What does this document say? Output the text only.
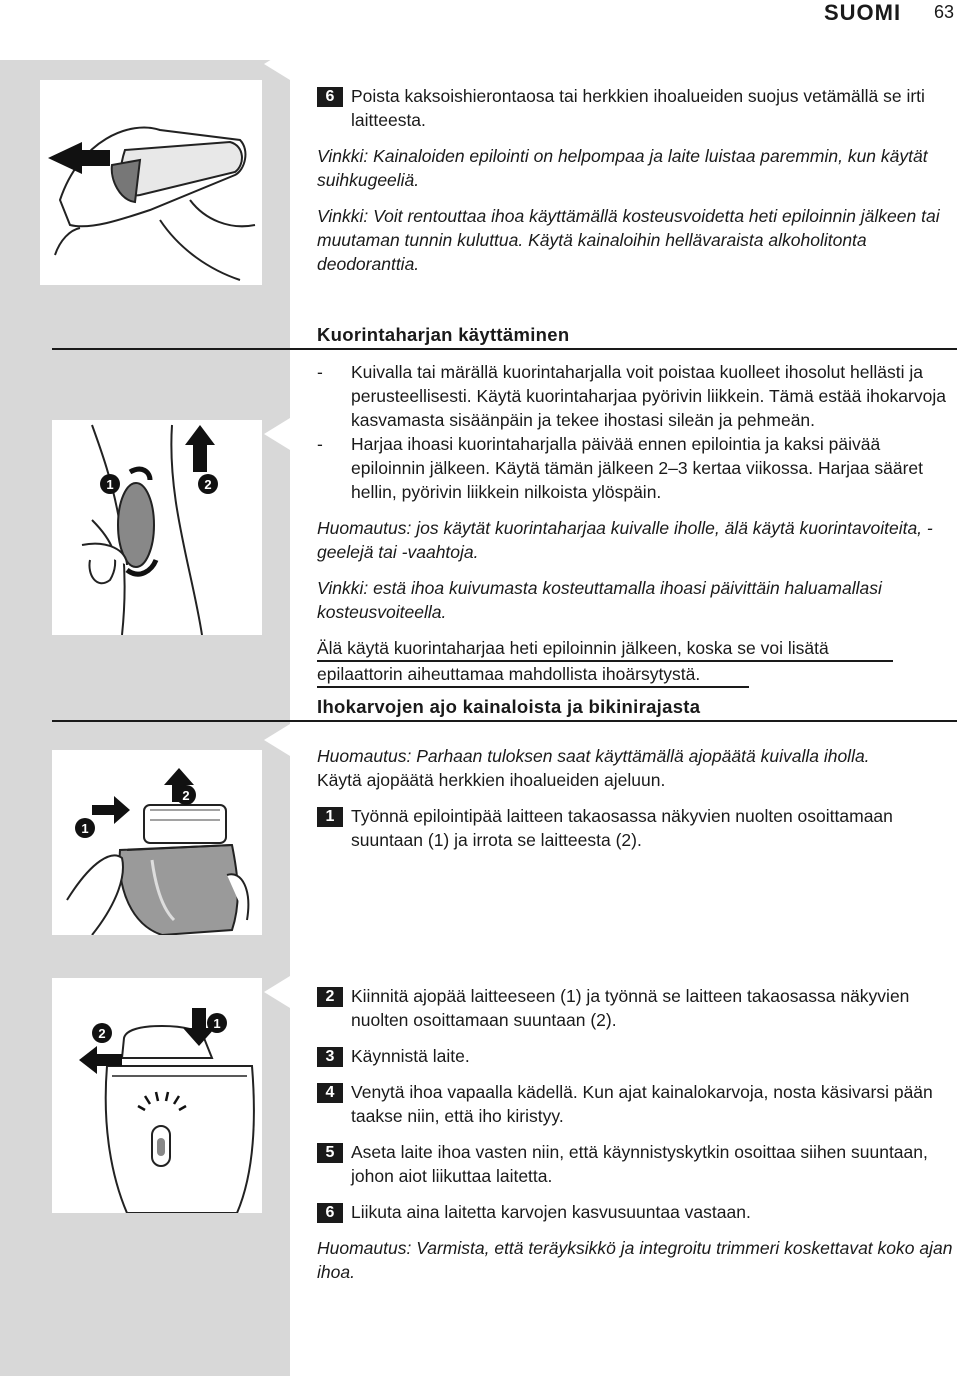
SUOMI 63
1	2
2
1
2
1
6 Poista kaksoishierontaosa tai herkkien ihoalueiden suojus vetämällä se irti laitteesta.
Vinkki: Kainaloiden epilointi on helpompaa ja laite luistaa paremmin, kun käytät suihkugeeliä.
Vinkki: Voit rentouttaa ihoa käyttämällä kosteusvoidetta heti epiloinnin jälkeen tai muutaman tunnin kuluttua. Käytä kainaloihin hellävaraista alkoholitonta deodoranttia.
Kuorintaharjan käyttäminen
- Kuivalla tai märällä kuorintaharjalla voit poistaa kuolleet ihosolut hellästi ja perusteellisesti. Käytä kuorintaharjaa pyörivin liikkein. Tämä estää ihokarvoja kasvamasta sisäänpäin ja tekee ihostasi sileän ja pehmeän.
- Harjaa ihoasi kuorintaharjalla päivää ennen epilointia ja kaksi päivää epiloinnin jälkeen. Käytä tämän jälkeen 2–3 kertaa viikossa. Harjaa sääret hellin, pyörivin liikkein nilkoista ylöspäin.
Huomautus: jos käytät kuorintaharjaa kuivalle iholle, älä käytä kuorintavoiteita, -geelejä tai -vaahtoja.
Vinkki: estä ihoa kuivumasta kosteuttamalla ihoasi päivittäin haluamallasi kosteusvoiteella.
Älä käytä kuorintaharjaa heti epiloinnin jälkeen, koska se voi lisätä
epilaattorin aiheuttamaa mahdollista ihoärsytystä.
Ihokarvojen ajo kainaloista ja bikinirajasta
Huomautus: Parhaan tuloksen saat käyttämällä ajopäätä kuivalla iholla.
Käytä ajopäätä herkkien ihoalueiden ajeluun.
1 Työnnä epilointipää laitteen takaosassa näkyvien nuolten osoittamaan suuntaan (1) ja irrota se laitteesta (2).
2 Kiinnitä ajopää laitteeseen (1) ja työnnä se laitteen takaosassa näkyvien nuolten osoittamaan suuntaan (2).
3 Käynnistä laite.
4 Venytä ihoa vapaalla kädellä. Kun ajat kainalokarvoja, nosta käsivarsi pään taakse niin, että iho kiristyy.
5 Aseta laite ihoa vasten niin, että käynnistyskytkin osoittaa siihen suuntaan, johon aiot liikuttaa laitetta.
6 Liikuta aina laitetta karvojen kasvusuuntaa vastaan.
Huomautus: Varmista, että teräyksikkö ja integroitu trimmeri koskettavat koko ajan ihoa.
